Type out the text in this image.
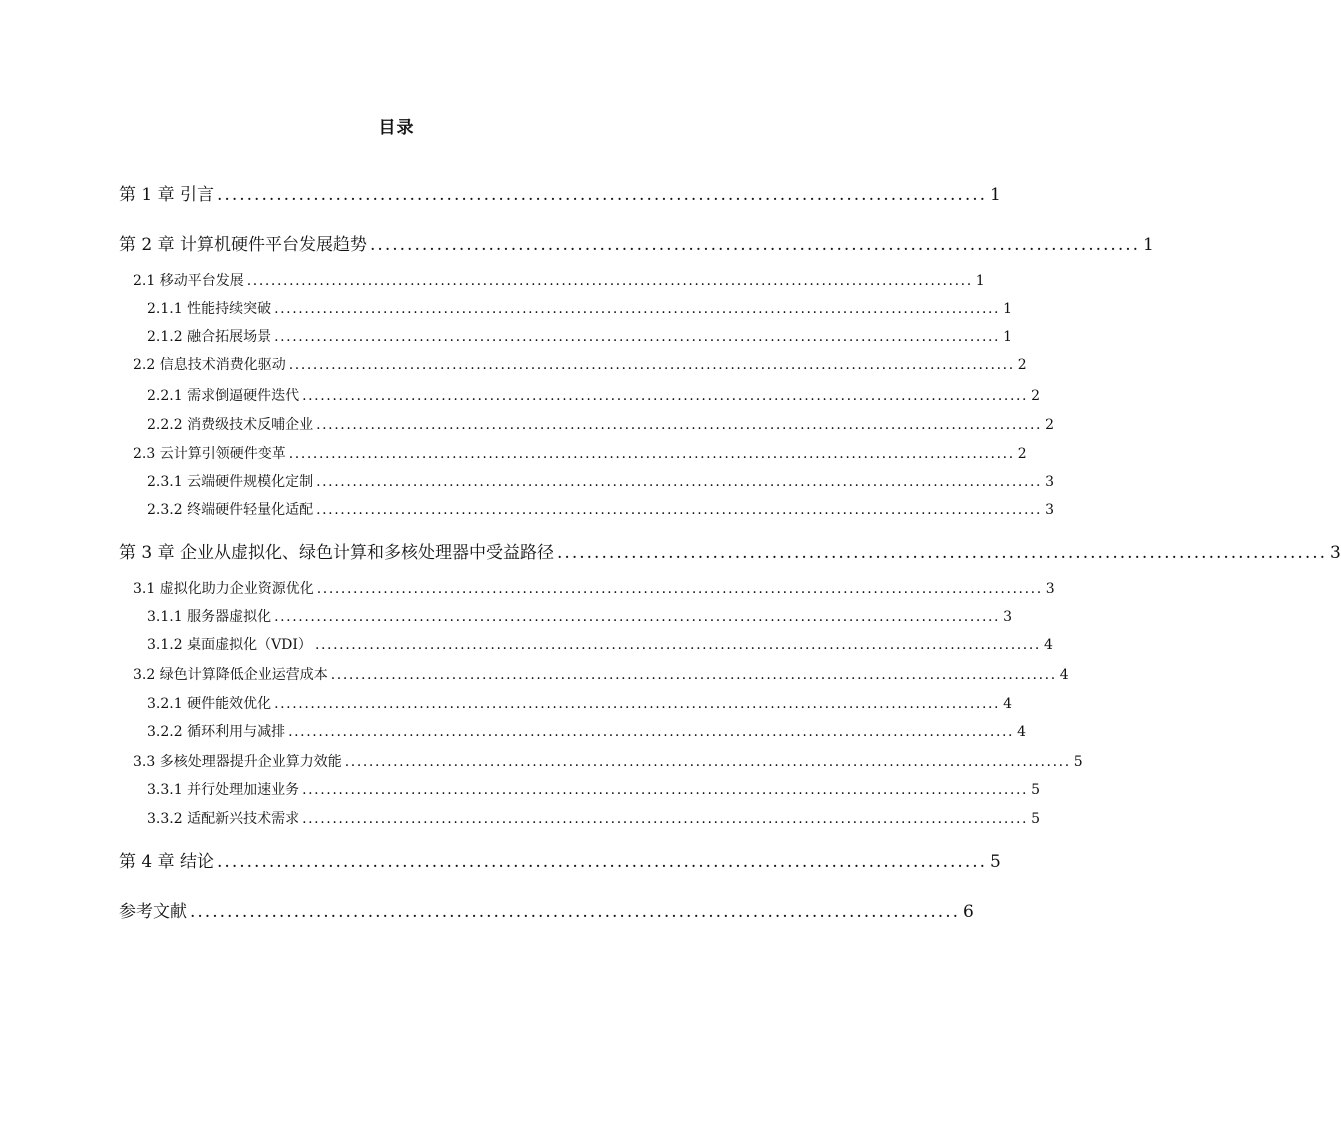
目录
第 1 章 引言 ........................................................................................................ 1
第 2 章 计算机硬件平台发展趋势 ........................................................................................................ 1
2.1 移动平台发展 ........................................................................................................................ 1
2.1.1 性能持续突破 ........................................................................................................................ 1
2.1.2 融合拓展场景 ........................................................................................................................ 1
2.2 信息技术消费化驱动 ........................................................................................................................ 2
2.2.1 需求倒逼硬件迭代 ........................................................................................................................ 2
2.2.2 消费级技术反哺企业 ........................................................................................................................ 2
2.3 云计算引领硬件变革 ........................................................................................................................ 2
2.3.1 云端硬件规模化定制 ........................................................................................................................ 3
2.3.2 终端硬件轻量化适配 ........................................................................................................................ 3
第 3 章 企业从虚拟化、绿色计算和多核处理器中受益路径 ........................................................................................................ 3
3.1 虚拟化助力企业资源优化 ........................................................................................................................ 3
3.1.1 服务器虚拟化 ........................................................................................................................ 3
3.1.2 桌面虚拟化（VDI） ........................................................................................................................ 4
3.2 绿色计算降低企业运营成本 ........................................................................................................................ 4
3.2.1 硬件能效优化 ........................................................................................................................ 4
3.2.2 循环利用与减排 ........................................................................................................................ 4
3.3 多核处理器提升企业算力效能 ........................................................................................................................ 5
3.3.1 并行处理加速业务 ........................................................................................................................ 5
3.3.2 适配新兴技术需求 ........................................................................................................................ 5
第 4 章 结论 ........................................................................................................ 5
参考文献 ........................................................................................................ 6
